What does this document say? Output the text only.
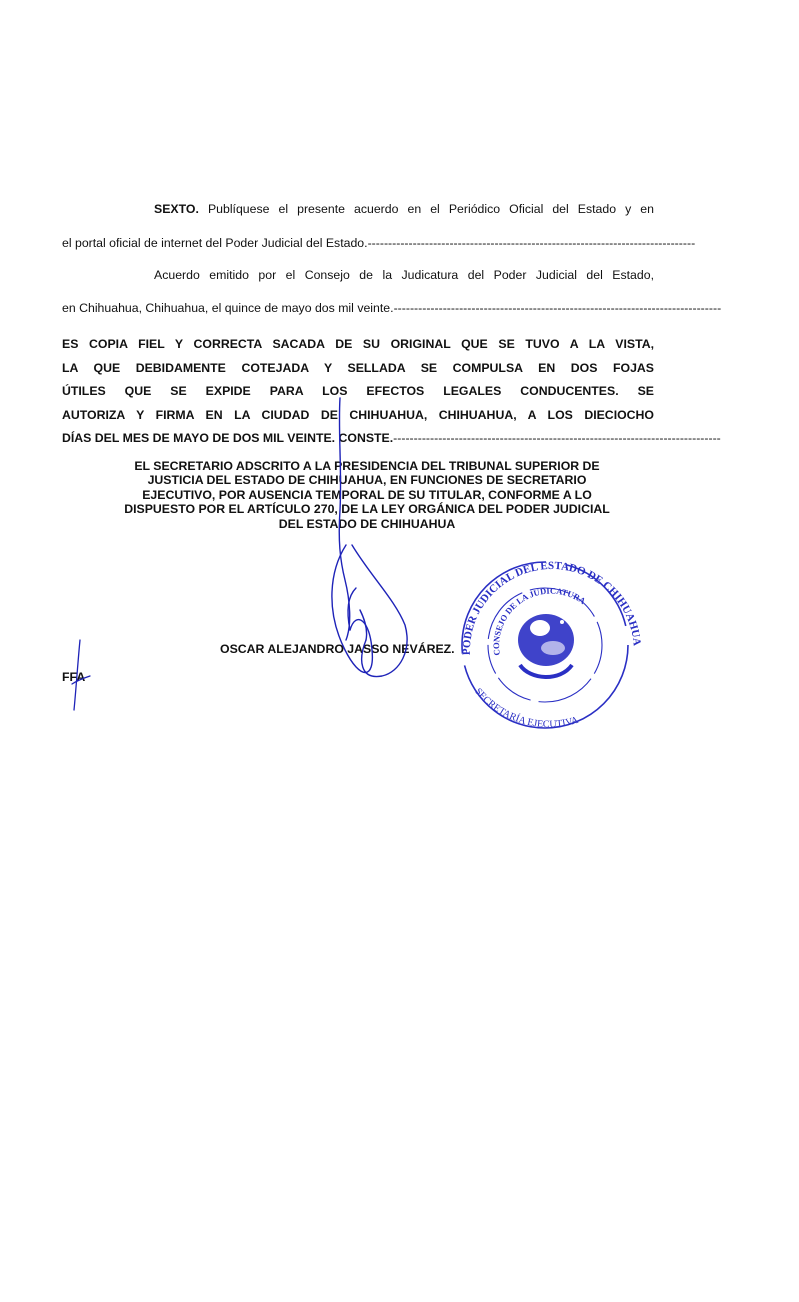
SEXTO. Publíquese el presente acuerdo en el Periódico Oficial del Estado y en

el portal oficial de internet del Poder Judicial del Estado. --------------------------------------------------------------------------------

Acuerdo emitido por el Consejo de la Judicatura del Poder Judicial del Estado,

en Chihuahua, Chihuahua, el quince de mayo dos mil veinte. --------------------------------------------------------------------------------

ES COPIA FIEL Y CORRECTA SACADA DE SU ORIGINAL QUE SE TUVO A LA VISTA,
LA QUE DEBIDAMENTE COTEJADA Y SELLADA SE COMPULSA EN DOS FOJAS
ÚTILES QUE SE EXPIDE PARA LOS EFECTOS LEGALES CONDUCENTES. SE
AUTORIZA Y FIRMA EN LA CIUDAD DE CHIHUAHUA, CHIHUAHUA, A LOS DIECIOCHO
DÍAS DEL MES DE MAYO DE DOS MIL VEINTE. CONSTE. --------------------------------------------------------------------------------
EL SECRETARIO ADSCRITO A LA PRESIDENCIA DEL TRIBUNAL SUPERIOR DE
JUSTICIA DEL ESTADO DE CHIHUAHUA, EN FUNCIONES DE SECRETARIO
EJECUTIVO, POR AUSENCIA TEMPORAL DE SU TITULAR, CONFORME A LO
DISPUESTO POR EL ARTÍCULO 270, DE LA LEY ORGÁNICA DEL PODER JUDICIAL
DEL ESTADO DE CHIHUAHUA

OSCAR ALEJANDRO JASSO NEVÁREZ.

FFA

PODER JUDICIAL DEL ESTADO DE CHIHUAHUA
CONSEJO DE LA JUDICATURA
SECRETARÍA EJECUTIVA
